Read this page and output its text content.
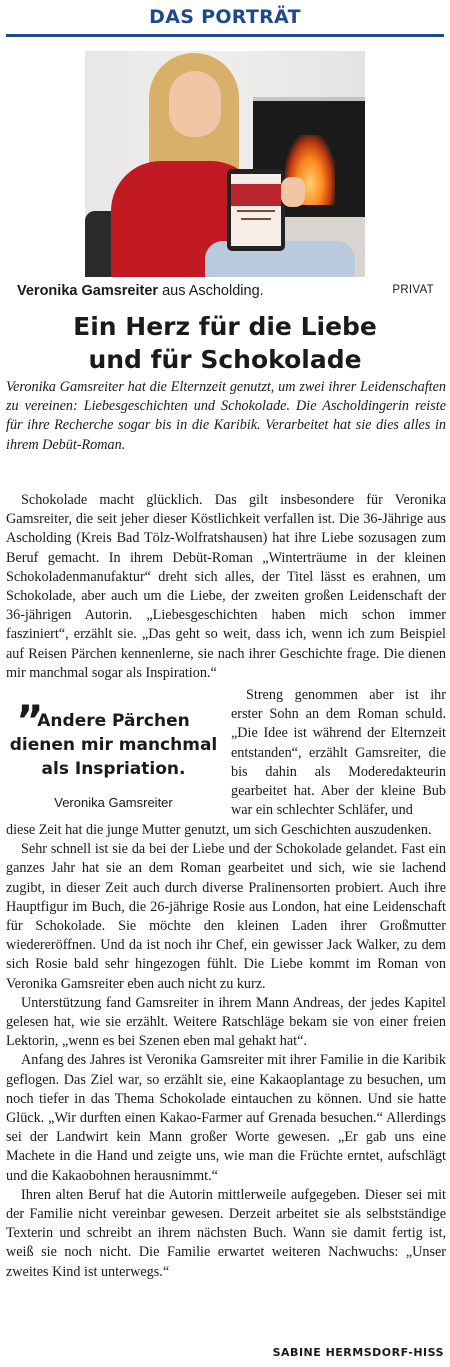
DAS PORTRÄT
Veronika Gamsreiter aus Ascholding.	PRIVAT
Ein Herz für die Liebe
und für Schokolade
Veronika Gamsreiter hat die Elternzeit genutzt, um zwei ihrer Leidenschaften zu vereinen: Liebesgeschichten und Schokolade. Die Ascholdingerin reiste für ihre Recherche sogar bis in die Karibik. Verarbeitet hat sie dies alles in ihrem Debüt-Roman.

Schokolade macht glücklich. Das gilt insbesondere für Veronika Gamsreiter, die seit jeher dieser Köstlichkeit verfallen ist. Die 36-Jährige aus Ascholding (Kreis Bad Tölz-Wolfratshausen) hat ihre Liebe sozusagen zum Beruf gemacht. In ihrem Debüt-Roman „Winterträume in der kleinen Schokoladenmanufaktur“ dreht sich alles, der Titel lässt es erahnen, um Schokolade, aber auch um die Liebe, der zweiten großen Leidenschaft der 36-jährigen Autorin. „Liebesgeschichten haben mich schon immer fasziniert“, erzählt sie. „Das geht so weit, dass ich, wenn ich zum Beispiel auf Reisen Pärchen kennenlerne, sie nach ihrer Geschichte frage. Die dienen mir manchmal sogar als Inspiration.“

”
Andere Pärchen dienen mir manchmal als Inspriation.
Veronika Gamsreiter

Streng genommen aber ist ihr erster Sohn an dem Roman schuld. „Die Idee ist während der Elternzeit entstanden“, erzählt Gamsreiter, die bis dahin als Moderedakteurin gearbeitet hat. Aber der kleine Bub war ein schlechter Schläfer, und

diese Zeit hat die junge Mutter genutzt, um sich Geschichten auszudenken.

Sehr schnell ist sie da bei der Liebe und der Schokolade gelandet. Fast ein ganzes Jahr hat sie an dem Roman gearbeitet und sich, wie sie lachend zugibt, in dieser Zeit auch durch diverse Pralinensorten probiert. Auch ihre Hauptfigur im Buch, die 26-jährige Rosie aus London, hat eine Leidenschaft für Schokolade. Sie möchte den kleinen Laden ihrer Großmutter wiedereröffnen. Und da ist noch ihr Chef, ein gewisser Jack Walker, zu dem sich Rosie bald sehr hingezogen fühlt. Die Liebe kommt im Roman von Veronika Gamsreiter eben auch nicht zu kurz.

Unterstützung fand Gamsreiter in ihrem Mann Andreas, der jedes Kapitel gelesen hat, wie sie erzählt. Weitere Ratschläge bekam sie von einer freien Lektorin, „wenn es bei Szenen eben mal gehakt hat“.

Anfang des Jahres ist Veronika Gamsreiter mit ihrer Familie in die Karibik geflogen. Das Ziel war, so erzählt sie, eine Kakaoplantage zu besuchen, um noch tiefer in das Thema Schokolade eintauchen zu können. Und sie hatte Glück. „Wir durften einen Kakao-Farmer auf Grenada besuchen.“ Allerdings sei der Landwirt kein Mann großer Worte gewesen. „Er gab uns eine Machete in die Hand und zeigte uns, wie man die Früchte erntet, aufschlägt und die Kakaobohnen herausnimmt.“

Ihren alten Beruf hat die Autorin mittlerweile aufgegeben. Dieser sei mit der Familie nicht vereinbar gewesen. Derzeit arbeitet sie als selbstständige Texterin und schreibt an ihrem nächsten Buch. Wann sie damit fertig ist, weiß sie noch nicht. Die Familie erwartet weiteren Nachwuchs: „Unser zweites Kind ist unterwegs.“

SABINE HERMSDORF-HISS
